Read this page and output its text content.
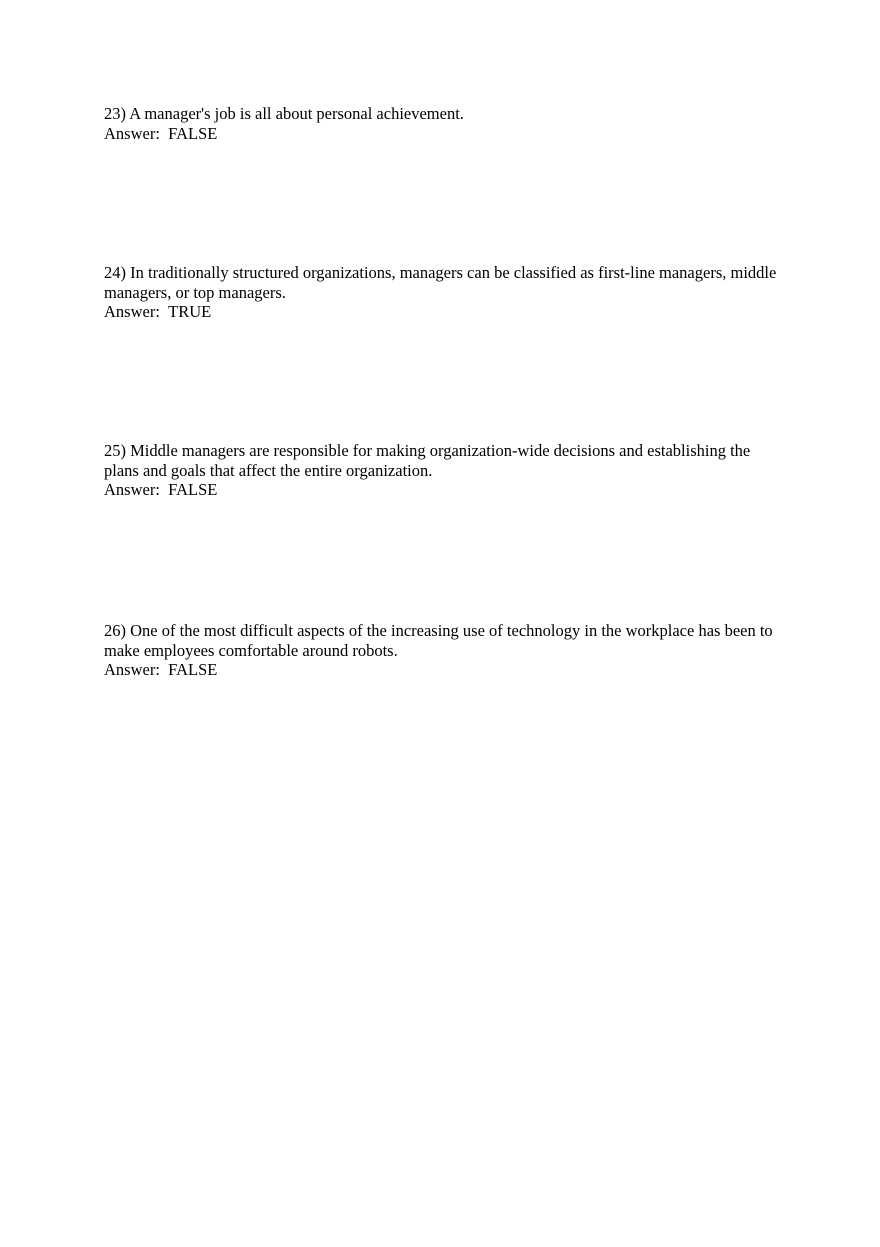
23) A manager's job is all about personal achievement.
Answer: FALSE
24) In traditionally structured organizations, managers can be classified as first-line managers, middle managers, or top managers.
Answer: TRUE
25) Middle managers are responsible for making organization-wide decisions and establishing the plans and goals that affect the entire organization.
Answer: FALSE
26) One of the most difficult aspects of the increasing use of technology in the workplace has been to make employees comfortable around robots.
Answer: FALSE
